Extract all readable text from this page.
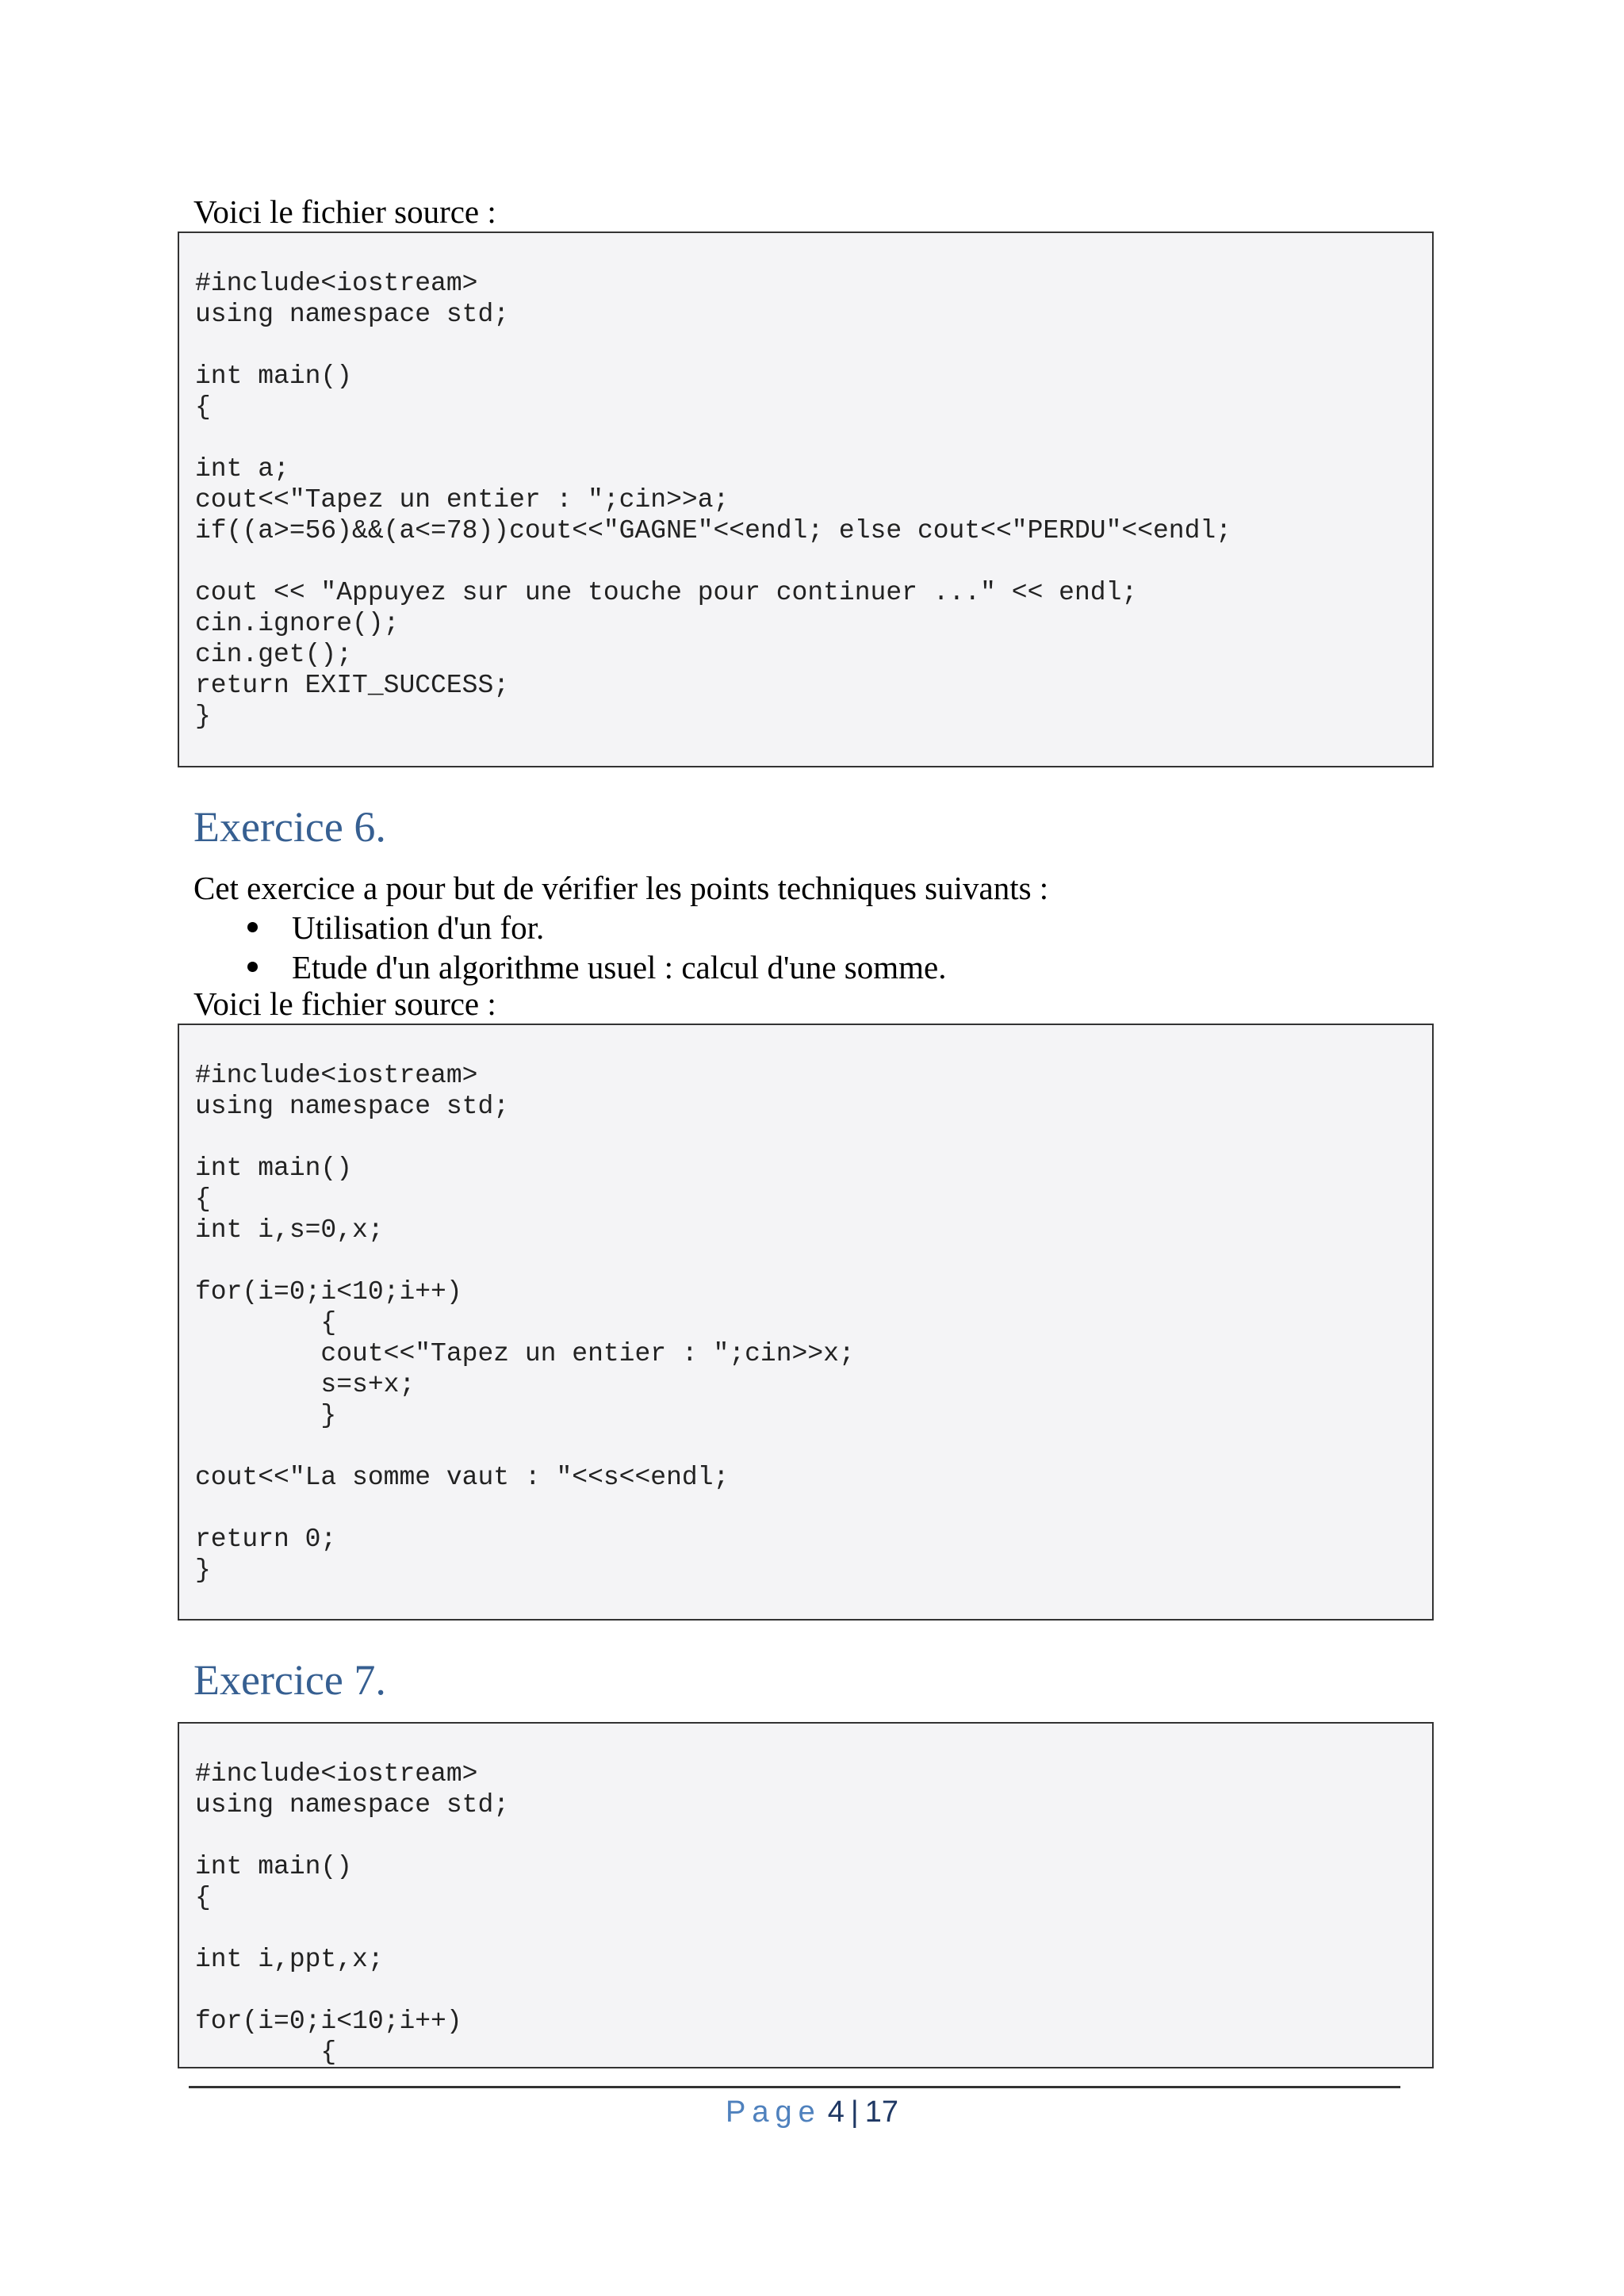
Voici le fichier source :
#include<iostream>
using namespace std;

int main()
{

int a;
cout<<"Tapez un entier : ";cin>>a;
if((a>=56)&&(a<=78))cout<<"GAGNE"<<endl; else cout<<"PERDU"<<endl;

cout << "Appuyez sur une touche pour continuer ..." << endl;
cin.ignore();
cin.get();
return EXIT_SUCCESS;
}
Exercice 6.
Cet exercice a pour but de vérifier les points techniques suivants :
Utilisation d'un for.
Etude d'un algorithme usuel : calcul d'une somme.
Voici le fichier source :
#include<iostream>
using namespace std;

int main()
{
int i,s=0,x;

for(i=0;i<10;i++)
{
cout<<"Tapez un entier : ";cin>>x;
s=s+x;
}

cout<<"La somme vaut : "<<s<<endl;

return 0;
}
Exercice 7.
#include<iostream>
using namespace std;

int main()
{

int i,ppt,x;

for(i=0;i<10;i++)
{
Page 4 | 17
